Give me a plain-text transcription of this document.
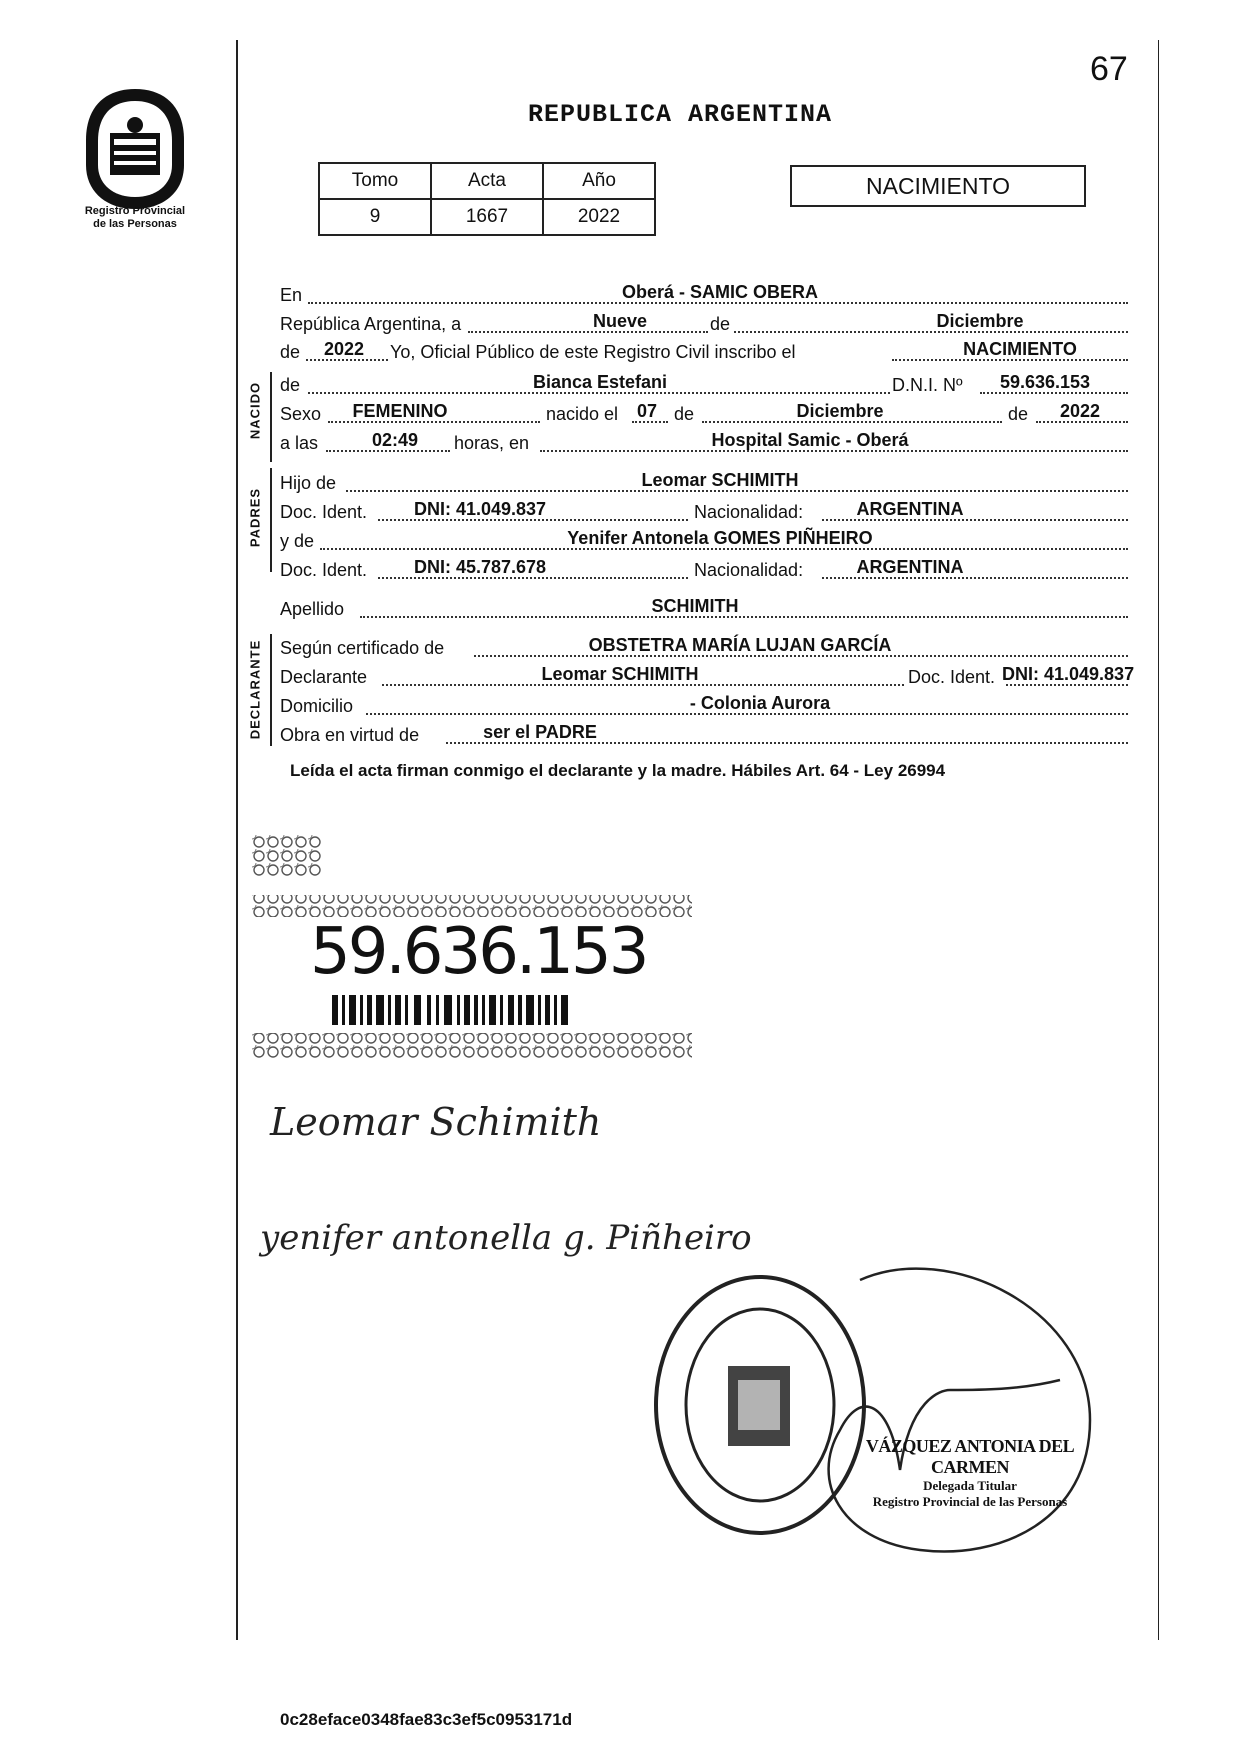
Registro Provincial
de las Personas
67
REPUBLICA ARGENTINA
Tomo	Acta	Año
9	1667	2022
NACIMIENTO
En	Oberá - SAMIC OBERA
República Argentina, a	Nueve	de	Diciembre
de	2022	Yo, Oficial Público de este Registro Civil inscribo el	NACIMIENTO
NACIDO de	Bianca Estefani	D.N.I. Nº	59.636.153
Sexo	FEMENINO	nacido el 07 de	Diciembre	de	2022
a las	02:49	horas, en	Hospital Samic - Oberá
PADRES
Hijo de	Leomar SCHIMITH
Doc. Ident.	DNI: 41.049.837	Nacionalidad:	ARGENTINA
y de	Yenifer Antonela GOMES PIÑHEIRO
Doc. Ident.	DNI: 45.787.678	Nacionalidad:	ARGENTINA
Apellido	SCHIMITH
DECLARANTE Según certificado de	OBSTETRA MARÍA LUJAN GARCÍA
Declarante	Leomar SCHIMITH	Doc. Ident. DNI: 41.049.837
Domicilio	- Colonia Aurora
Obra en virtud de	ser el PADRE
Leída el acta firman conmigo el declarante y la madre. Hábiles Art. 64 - Ley 26994
59.636.153
Leomar Schimith
yenifer antonella g. Piñheiro
VÁZQUEZ ANTONIA DEL CARMEN
Delegada Titular
Registro Provincial de las Personas
0c28eface0348fae83c3ef5c0953171d
